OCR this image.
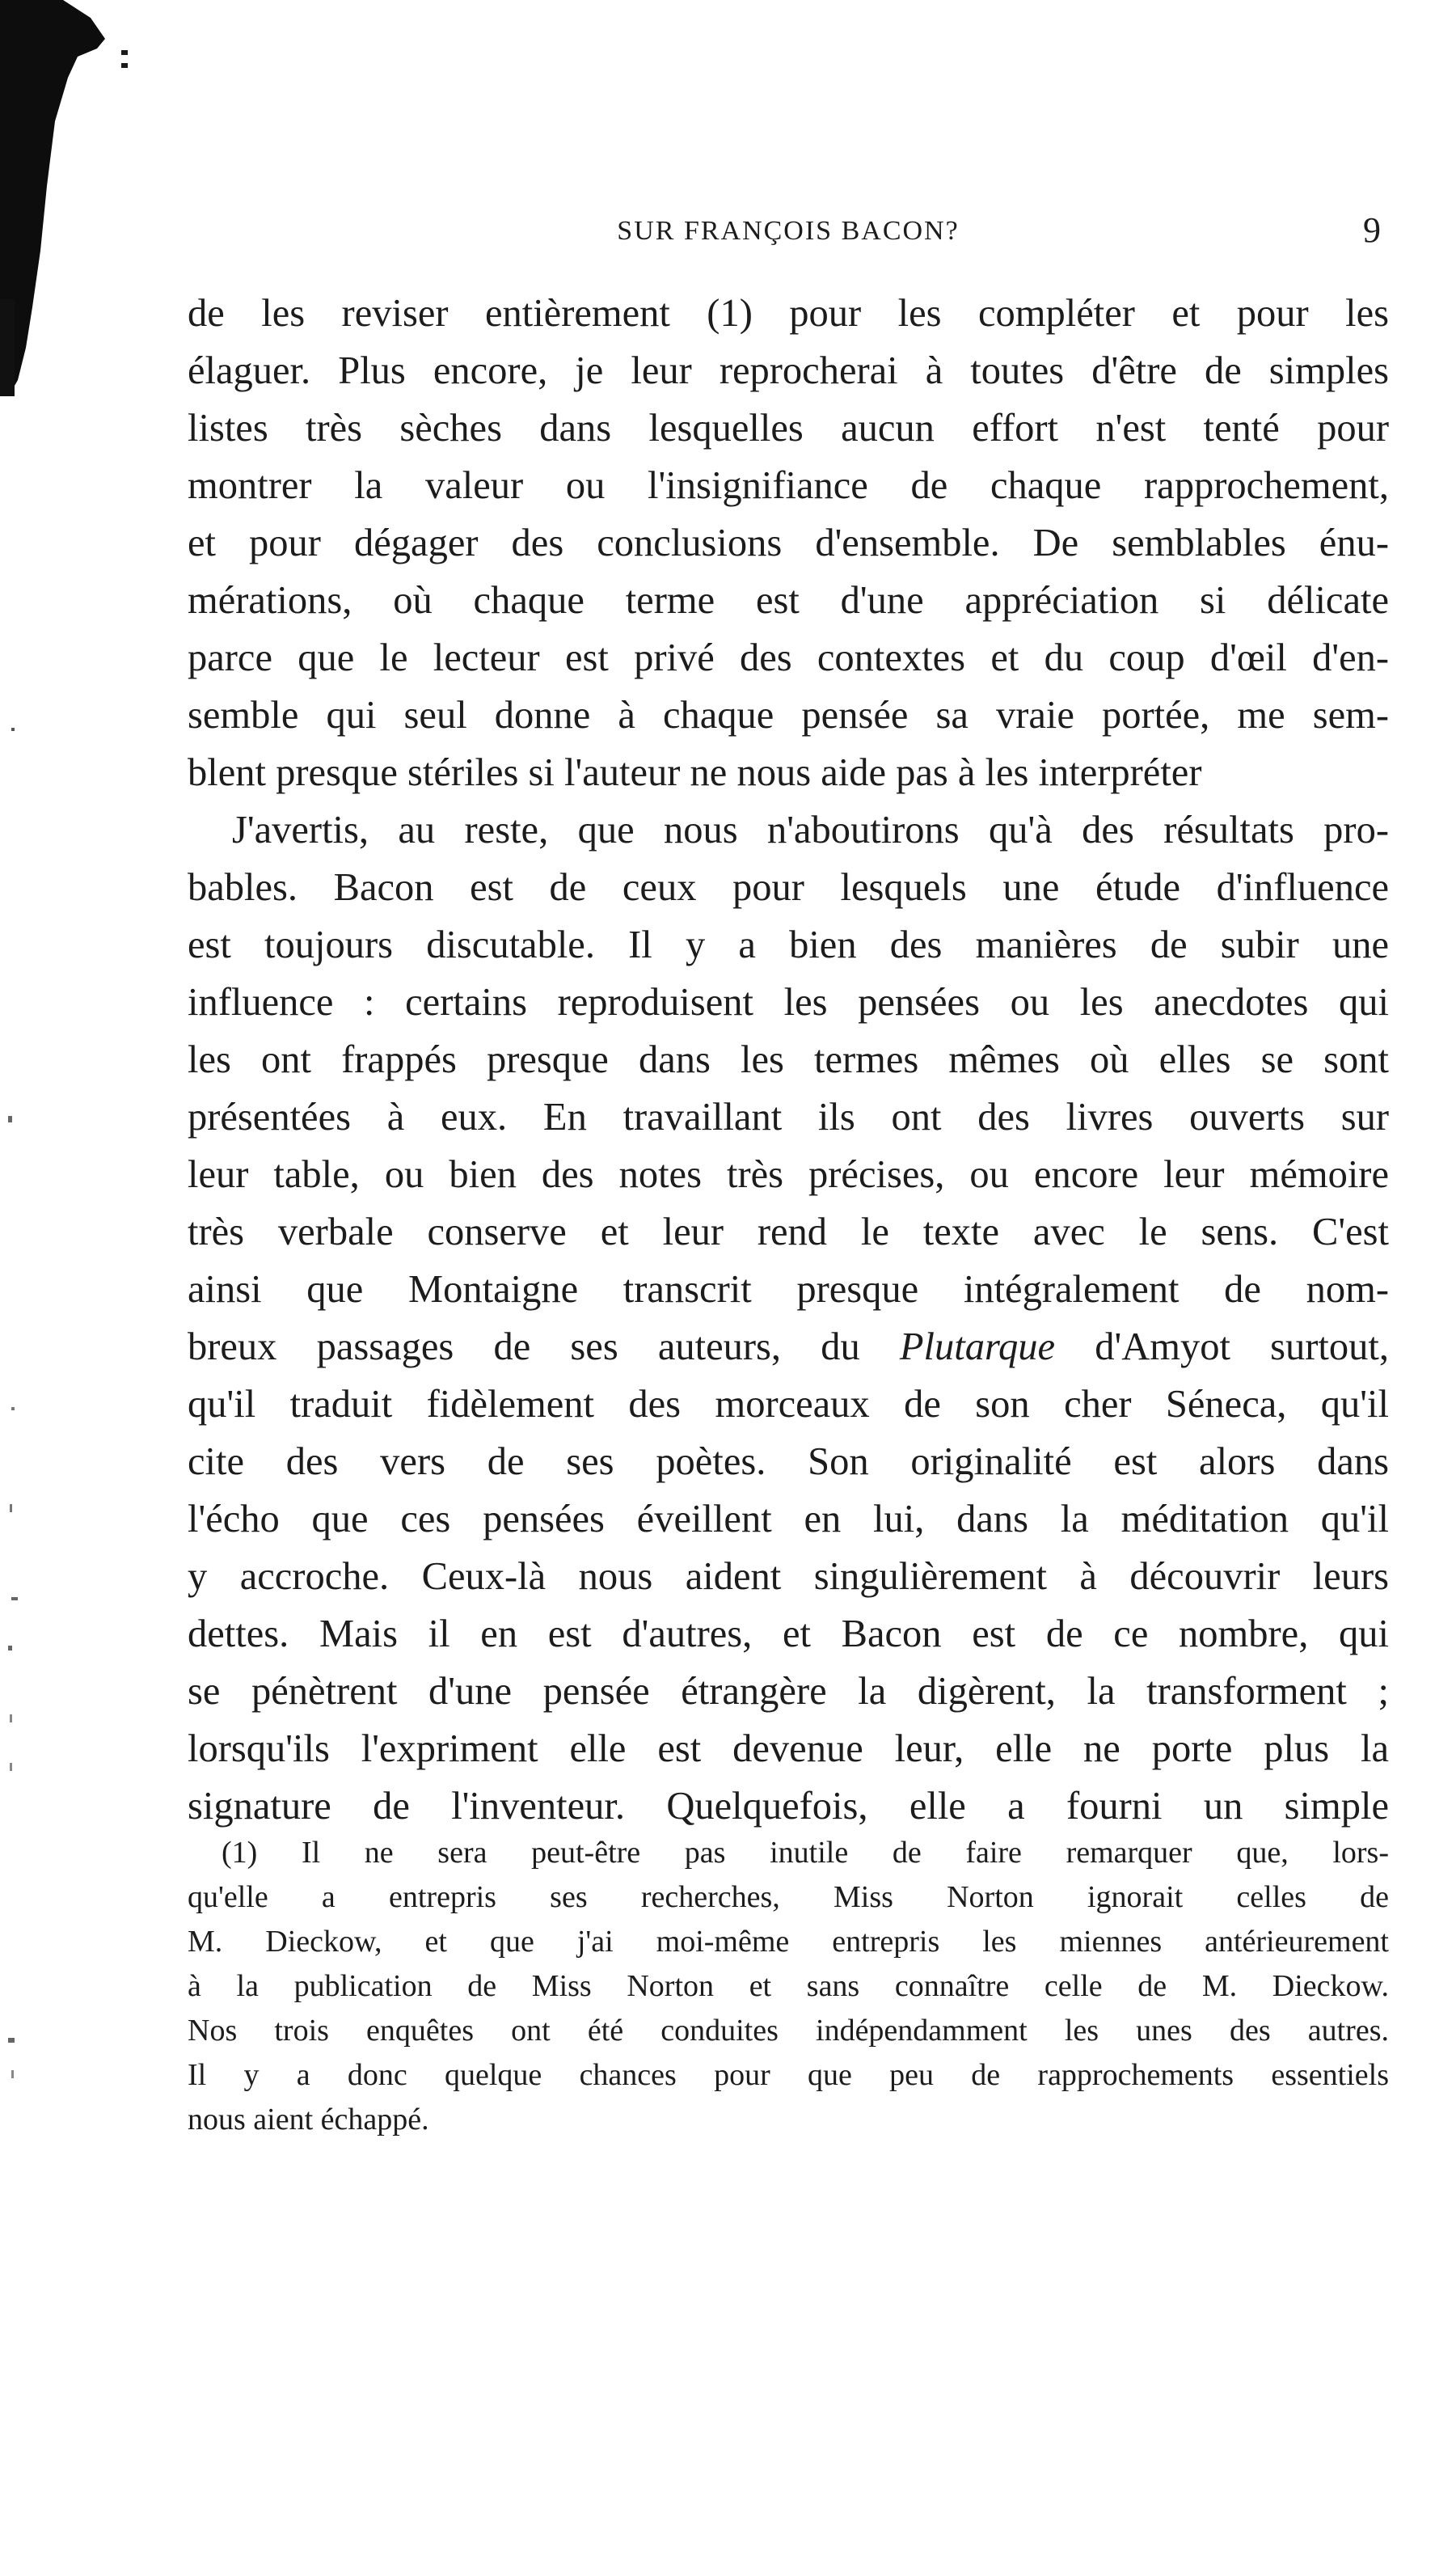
SUR FRANÇOIS BACON?	9
de les reviser entièrement (1) pour les compléter et pour les
élaguer. Plus encore, je leur reprocherai à toutes d'être de simples
listes très sèches dans lesquelles aucun effort n'est tenté pour
montrer la valeur ou l'insignifiance de chaque rapprochement,
et pour dégager des conclusions d'ensemble. De semblables énu-
mérations, où chaque terme est d'une appréciation si délicate
parce que le lecteur est privé des contextes et du coup d'œil d'en-
semble qui seul donne à chaque pensée sa vraie portée, me sem-
blent presque stériles si l'auteur ne nous aide pas à les interpréter
J'avertis, au reste, que nous n'aboutirons qu'à des résultats pro-
bables. Bacon est de ceux pour lesquels une étude d'influence
est toujours discutable. Il y a bien des manières de subir une
influence : certains reproduisent les pensées ou les anecdotes qui
les ont frappés presque dans les termes mêmes où elles se sont
présentées à eux. En travaillant ils ont des livres ouverts sur
leur table, ou bien des notes très précises, ou encore leur mémoire
très verbale conserve et leur rend le texte avec le sens. C'est
ainsi que Montaigne transcrit presque intégralement de nom-
breux passages de ses auteurs, du Plutarque d'Amyot surtout,
qu'il traduit fidèlement des morceaux de son cher Séneca, qu'il
cite des vers de ses poètes. Son originalité est alors dans
l'écho que ces pensées éveillent en lui, dans la méditation qu'il
y accroche. Ceux-là nous aident singulièrement à découvrir leurs
dettes. Mais il en est d'autres, et Bacon est de ce nombre, qui
se pénètrent d'une pensée étrangère la digèrent, la transforment ;
lorsqu'ils l'expriment elle est devenue leur, elle ne porte plus la
signature de l'inventeur. Quelquefois, elle a fourni un simple
(1) Il ne sera peut-être pas inutile de faire remarquer que, lors-
qu'elle a entrepris ses recherches, Miss Norton ignorait celles de
M. Dieckow, et que j'ai moi-même entrepris les miennes antérieurement
à la publication de Miss Norton et sans connaître celle de M. Dieckow.
Nos trois enquêtes ont été conduites indépendamment les unes des autres.
Il y a donc quelque chances pour que peu de rapprochements essentiels
nous aient échappé.
